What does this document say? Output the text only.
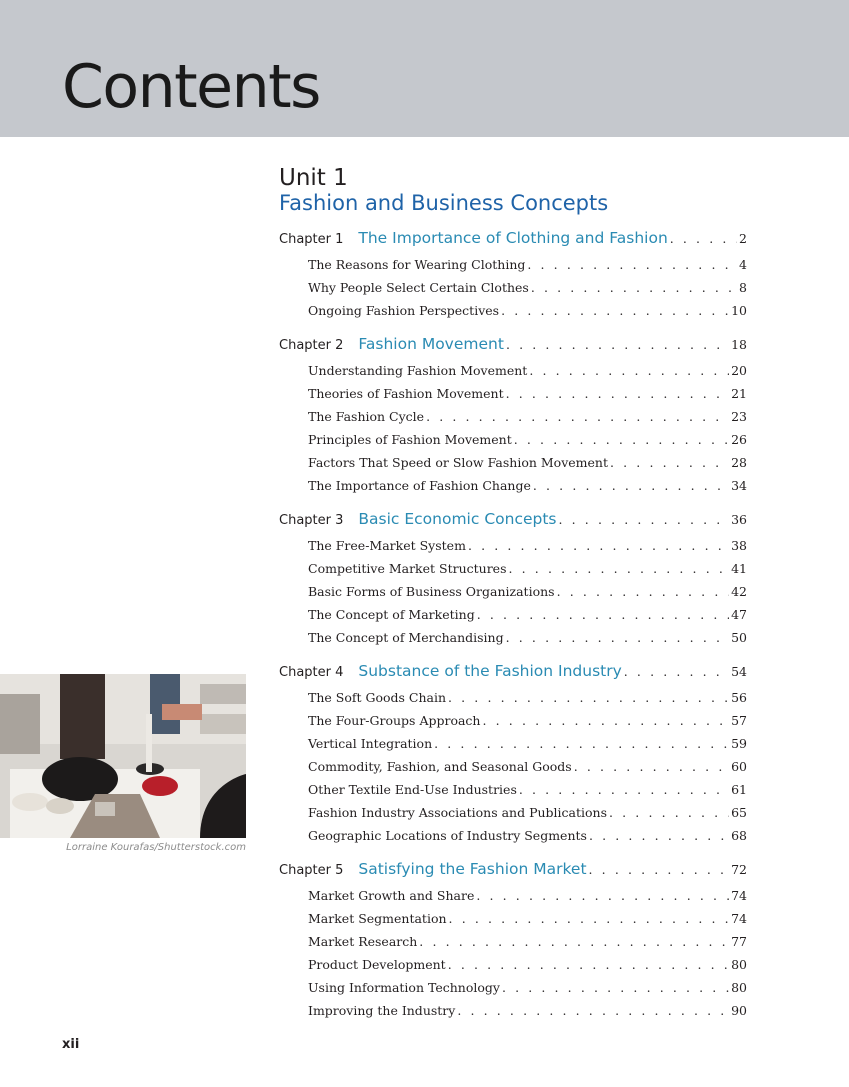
Contents
Unit 1
Fashion and Business Concepts
Chapter 1 The Importance of Clothing and Fashion . . .	2
The Reasons for Wearing Clothing . . .	4
Why People Select Certain Clothes . . .	8
Ongoing Fashion Perspectives . . .	10
Chapter 2 Fashion Movement . . .	18
Understanding Fashion Movement . . .	20
Theories of Fashion Movement . . .	21
The Fashion Cycle . . .	23
Principles of Fashion Movement . . .	26
Factors That Speed or Slow Fashion Movement . . .	28
The Importance of Fashion Change . . .	34
Chapter 3 Basic Economic Concepts . . .	36
The Free-Market System . . .	38
Competitive Market Structures . . .	41
Basic Forms of Business Organizations . . .	42
The Concept of Marketing . . .	47
The Concept of Merchandising . . .	50
Chapter 4 Substance of the Fashion Industry . . .	54
The Soft Goods Chain . . .	56
The Four-Groups Approach . . .	57
Vertical Integration . . .	59
Commodity, Fashion, and Seasonal Goods . . .	60
Other Textile End-Use Industries . . .	61
Fashion Industry Associations and Publications . . .	65
Geographic Locations of Industry Segments . . .	68
Chapter 5 Satisfying the Fashion Market . . .	72
Market Growth and Share . . .	74
Market Segmentation . . .	74
Market Research . . .	77
Product Development . . .	80
Using Information Technology . . .	80
Improving the Industry . . .	90
Lorraine Kourafas/Shutterstock.com
xii
